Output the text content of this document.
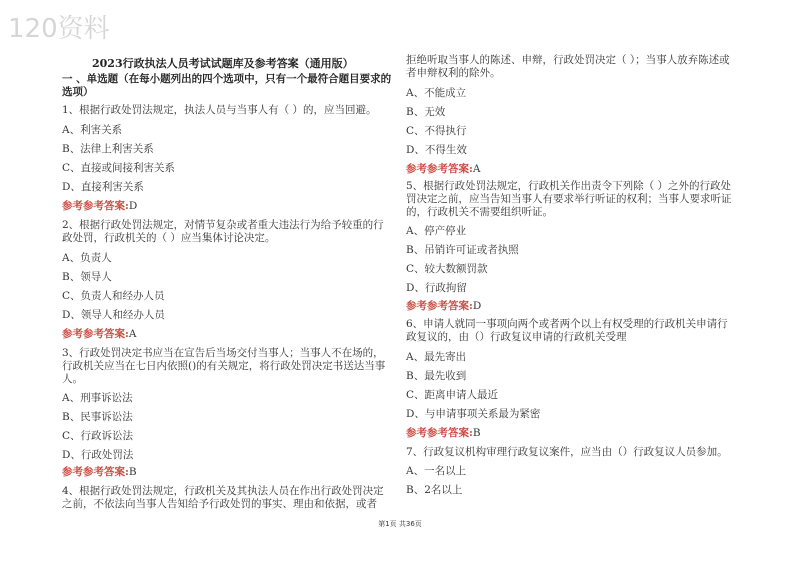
120资料
2023行政执法人员考试试题库及参考答案（通用版）
一 、单选题（在每小题列出的四个选项中，只有一个最符合题目要求的选项）
1、根据行政处罚法规定，执法人员与当事人有（ ）的，应当回避。
A、利害关系
B、法律上利害关系
C、直接或间接利害关系
D、直接利害关系
参考参考答案:D
2、根据行政处罚法规定，对情节复杂或者重大违法行为给予较重的行政处罚，行政机关的（ ）应当集体讨论决定。
A、负责人
B、领导人
C、负责人和经办人员
D、领导人和经办人员
参考参考答案:A
3、行政处罚决定书应当在宣告后当场交付当事人；当事人不在场的，行政机关应当在七日内依照()的有关规定，将行政处罚决定书送达当事人。
A、刑事诉讼法
B、民事诉讼法
C、行政诉讼法
D、行政处罚法
参考参考答案:B
4、根据行政处罚法规定，行政机关及其执法人员在作出行政处罚决定之前，不依法向当事人告知给予行政处罚的事实、理由和依据，或者
拒绝听取当事人的陈述、申辩，行政处罚决定（ ）；当事人放弃陈述或者申辩权利的除外。
A、不能成立
B、无效
C、不得执行
D、不得生效
参考参考答案:A
5、根据行政处罚法规定，行政机关作出责令下列除（ ）之外的行政处罚决定之前，应当告知当事人有要求举行听证的权利；当事人要求听证的，行政机关不需要组织听证。
A、停产停业
B、吊销许可证或者执照
C、较大数额罚款
D、行政拘留
参考参考答案:D
6、申请人就同一事项向两个或者两个以上有权受理的行政机关申请行政复议的，由（）行政复议申请的行政机关受理
A、最先寄出
B、最先收到
C、距离申请人最近
D、与申请事项关系最为紧密
参考参考答案:B
7、行政复议机构审理行政复议案件，应当由（）行政复议人员参加。
A、一名以上
B、2名以上
第1页 共36页
